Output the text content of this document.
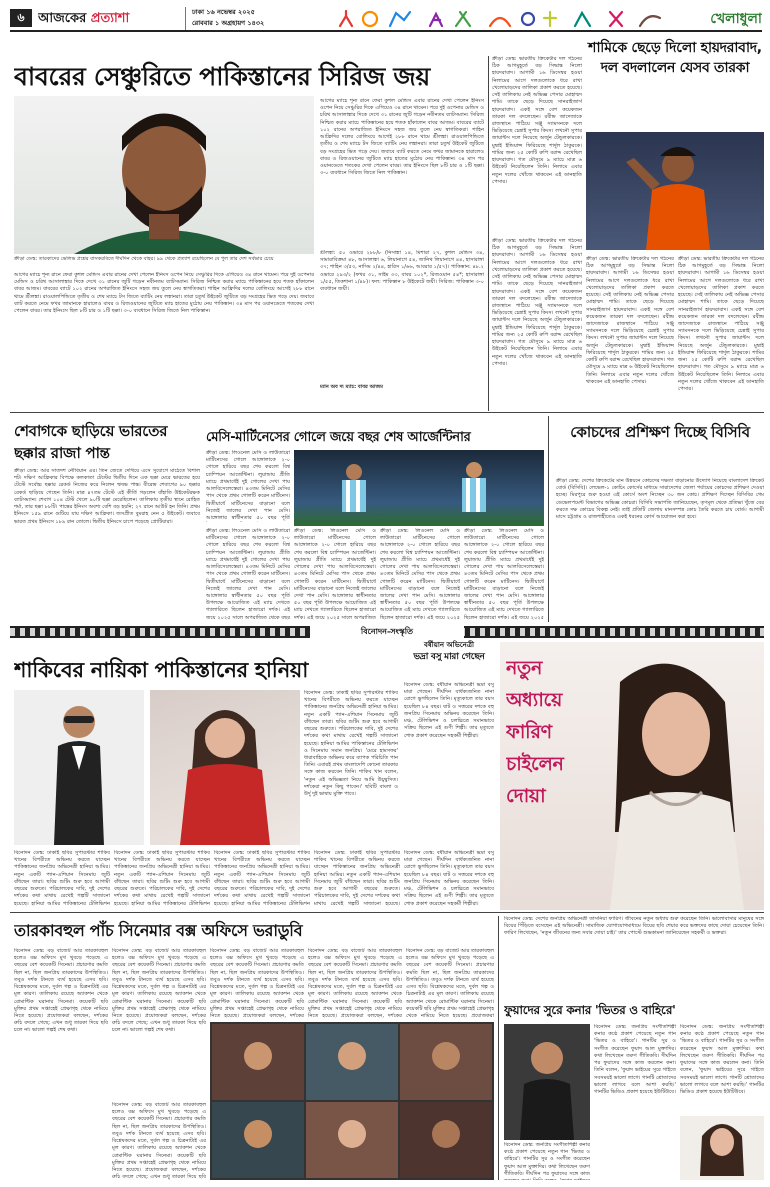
৬	আজকের প্রত্যাশা	ঢাকা ১৬ নভেম্বর ২০২৫
রোববার ১ অগ্রহায়ণ ১৪৩২	খেলাধুলা
বাবরের সেঞ্চুরিতে পাকিস্তানের সিরিজ জয়
ক্রীড়া ডেস্ক: তারকাদের ভেলিভ প্রশ্নের বাসকরবিতে দীর্ঘদিন থেকে বাহর। ৯৯ থেকে প্রত্যাশ রয়েছিলেন বে পুল তার দেশ সর্বভার চেয়ে
আগের ম্যাচে শূন্য রানে ফেরা কুশল মেন্ডিস এবার রানের দেখা পেলেন ইনিংস ওপেন নিয়ে সেঞ্চুরির দিকে এগিয়েও ৩৪ রানে থামেন। পরে দুই ওপেনার মেন্ডিস ও চরিথ আসালাঙ্কার দিকে দেখে ৩১ রানের জুটি গড়েন নবীনতম ব্যাটসম্যান। সিরিজ নিশ্চিত করার ম্যাচে পাকিস্তানের হয়ে শতক হাঁকালেন বাবর আজম। বাবরের ব্যাটে ১০২ রানের অপরাজিত ইনিংসে সহজ জয় তুলে নেয় স্বাগতিকরা। শাহিন আফ্রিদির দলের বোলিংয়ে আগেই ২৮৮ রানে থামে শ্রীলঙ্কা। রাওয়ালপিন্ডিতে তৃতীয় ও শেষ ম্যাচে টস জিতে ব্যাটিং নেয় লঙ্কানরা। তারা চতুর্থ উইকেট জুটিতে বড় সংগ্রহের ভিত গড়ে দেয়। জবাবে ব্যাট করতে নেমে ফখর জামানকে হারালেও বাবর ও রিজওয়ানের জুটিতে ম্যাচ হাতের মুঠোয় নেয় পাকিস্তান। ৩৪ মাস পর ওয়ানডেতে শতকের দেখা পেলেন বাবর। তার ইনিংসে ছিল ৮টি চার ও ১টি ছক্কা। ৩-০ ব্যবধানে সিরিজ জিতে নিল পাকিস্তান।
আগের ম্যাচে শূন্য রানে ফেরা কুশল মেন্ডিস এবার রানের দেখা পেলেন ইনিংস ওপেন নিয়ে সেঞ্চুরির দিকে এগিয়েও ৩৪ রানে থামেন। পরে দুই ওপেনার মেন্ডিস ও চরিথ আসালাঙ্কার দিকে দেখে ৩১ রানের জুটি গড়েন নবীনতম ব্যাটসম্যান। সিরিজ নিশ্চিত করার ম্যাচে পাকিস্তানের হয়ে শতক হাঁকালেন বাবর আজম। বাবরের ব্যাটে ১০২ রানের অপরাজিত ইনিংসে সহজ জয় তুলে নেয় স্বাগতিকরা। শাহিন আফ্রিদির দলের বোলিংয়ে আগেই ২৮৮ রানে থামে শ্রীলঙ্কা। রাওয়ালপিন্ডিতে তৃতীয় ও শেষ ম্যাচে টস জিতে ব্যাটিং নেয় লঙ্কানরা। তারা চতুর্থ উইকেট জুটিতে বড় সংগ্রহের ভিত গড়ে দেয়। জবাবে ব্যাট করতে নেমে ফখর জামানকে হারালেও বাবর ও রিজওয়ানের জুটিতে ম্যাচ হাতের মুঠোয় নেয় পাকিস্তান। ৩৪ মাস পর ওয়ানডেতে শতকের দেখা পেলেন বাবর। তার ইনিংসে ছিল ৮টি চার ও ১টি ছক্কা। ৩-০ ব্যবধানে সিরিজ জিতে নিল পাকিস্তান।
শ্রীলঙ্কা: ৫০ ওভারে ২৮৮/৮ (নিসাঙ্কা ১৪, মিশারা ২৭, কুশল মেন্ডিস ৩৪, সামারাবিক্রমা ৪৮, আসালাঙ্কা ৬, লিয়ানাগে ৫৪, জানিথ লিয়ানাগে ৪৪, হাসারাঙ্গা ৩৭; শাহিন ৩/৫৩, নাসিম ২/৪৪, হারিস ১/৬৬, আবরার ১/৫৭)। পাকিস্তান: ৪৮.২ ওভারে ২৯৩/২ (ফখর ৩১, সাইম ৩৩, বাবর ১০২*, রিজওয়ান ৫৪*; হাসারাঙ্গা ১/৫৫, তিকশানা ১/৪৮)। ফল: পাকিস্তান ৮ উইকেটে জয়ী। সিরিজ: পাকিস্তান ৩-০ ব্যবধানে জয়ী।
ম্যান অব দ্য ম্যাচ: বাবর আজম
ক্রীড়া ডেস্ক: ভারতীয় ক্রিকেটার দল গঠনের ঠিক আগমুহূর্তে বড় সিদ্ধান্ত নিলো হায়দরাবাদ। আগামী ১৬ ডিসেম্বর হওয়া নিলামের আগে দলগুলোকে ধরে রাখা খেলোয়াড়দের তালিকা প্রকাশ করতে হয়েছে। সেই তালিকায় নেই অভিজ্ঞ পেসার মোহাম্মদ শামি। তাকে ছেড়ে দিয়েছে সানরাইজার্স হায়দরাবাদ। একই সঙ্গে বেশ কয়েকজন তারকা দল বদলেছেন। রবীন্দ্র জাদেজাকে রাজস্থানে পাঠিয়ে সঞ্জু স্যামসনকে দলে ভিড়িয়েছে চেন্নাই সুপার কিংস। লখনৌ সুপার জায়ান্টস দলে নিয়েছে অর্জুন টেন্ডুলকারকে। মুম্বাই ইন্ডিয়ান্স ফিরিয়েছে শার্দুল ঠাকুরকে। শামির জন্য ২৫ কোটি রুপি বরাদ্দ রেখেছিল হায়দরাবাদ। গত মৌসুমে ৯ ম্যাচে মাত্র ৬ উইকেট নিয়েছিলেন তিনি। নিলামে এবার নতুন দলের খোঁজে থাকবেন এই ডানহাতি পেসার।
শামিকে ছেড়ে দিলো হায়দরাবাদ, দল বদলালেন যেসব তারকা
ক্রীড়া ডেস্ক: ভারতীয় ক্রিকেটার দল গঠনের ঠিক আগমুহূর্তে বড় সিদ্ধান্ত নিলো হায়দরাবাদ। আগামী ১৬ ডিসেম্বর হওয়া নিলামের আগে দলগুলোকে ধরে রাখা খেলোয়াড়দের তালিকা প্রকাশ করতে হয়েছে। সেই তালিকায় নেই অভিজ্ঞ পেসার মোহাম্মদ শামি। তাকে ছেড়ে দিয়েছে সানরাইজার্স হায়দরাবাদ। একই সঙ্গে বেশ কয়েকজন তারকা দল বদলেছেন। রবীন্দ্র জাদেজাকে রাজস্থানে পাঠিয়ে সঞ্জু স্যামসনকে দলে ভিড়িয়েছে চেন্নাই সুপার কিংস। লখনৌ সুপার জায়ান্টস দলে নিয়েছে অর্জুন টেন্ডুলকারকে। মুম্বাই ইন্ডিয়ান্স ফিরিয়েছে শার্দুল ঠাকুরকে। শামির জন্য ২৫ কোটি রুপি বরাদ্দ রেখেছিল হায়দরাবাদ। গত মৌসুমে ৯ ম্যাচে মাত্র ৬ উইকেট নিয়েছিলেন তিনি। নিলামে এবার নতুন দলের খোঁজে থাকবেন এই ডানহাতি পেসার।
ক্রীড়া ডেস্ক: ভারতীয় ক্রিকেটার দল গঠনের ঠিক আগমুহূর্তে বড় সিদ্ধান্ত নিলো হায়দরাবাদ। আগামী ১৬ ডিসেম্বর হওয়া নিলামের আগে দলগুলোকে ধরে রাখা খেলোয়াড়দের তালিকা প্রকাশ করতে হয়েছে। সেই তালিকায় নেই অভিজ্ঞ পেসার মোহাম্মদ শামি। তাকে ছেড়ে দিয়েছে সানরাইজার্স হায়দরাবাদ। একই সঙ্গে বেশ কয়েকজন তারকা দল বদলেছেন। রবীন্দ্র জাদেজাকে রাজস্থানে পাঠিয়ে সঞ্জু স্যামসনকে দলে ভিড়িয়েছে চেন্নাই সুপার কিংস। লখনৌ সুপার জায়ান্টস দলে নিয়েছে অর্জুন টেন্ডুলকারকে। মুম্বাই ইন্ডিয়ান্স ফিরিয়েছে শার্দুল ঠাকুরকে। শামির জন্য ২৫ কোটি রুপি বরাদ্দ রেখেছিল হায়দরাবাদ। গত মৌসুমে ৯ ম্যাচে মাত্র ৬ উইকেট নিয়েছিলেন তিনি। নিলামে এবার নতুন দলের খোঁজে থাকবেন এই ডানহাতি পেসার।
ক্রীড়া ডেস্ক: ভারতীয় ক্রিকেটার দল গঠনের ঠিক আগমুহূর্তে বড় সিদ্ধান্ত নিলো হায়দরাবাদ। আগামী ১৬ ডিসেম্বর হওয়া নিলামের আগে দলগুলোকে ধরে রাখা খেলোয়াড়দের তালিকা প্রকাশ করতে হয়েছে। সেই তালিকায় নেই অভিজ্ঞ পেসার মোহাম্মদ শামি। তাকে ছেড়ে দিয়েছে সানরাইজার্স হায়দরাবাদ। একই সঙ্গে বেশ কয়েকজন তারকা দল বদলেছেন। রবীন্দ্র জাদেজাকে রাজস্থানে পাঠিয়ে সঞ্জু স্যামসনকে দলে ভিড়িয়েছে চেন্নাই সুপার কিংস। লখনৌ সুপার জায়ান্টস দলে নিয়েছে অর্জুন টেন্ডুলকারকে। মুম্বাই ইন্ডিয়ান্স ফিরিয়েছে শার্দুল ঠাকুরকে। শামির জন্য ২৫ কোটি রুপি বরাদ্দ রেখেছিল হায়দরাবাদ। গত মৌসুমে ৯ ম্যাচে মাত্র ৬ উইকেট নিয়েছিলেন তিনি। নিলামে এবার নতুন দলের খোঁজে থাকবেন এই ডানহাতি পেসার।
শেবাগকে ছাড়িয়ে ভারতের
ছক্কার রাজা পান্ত
ক্রীড়া ডেস্ক: আর সাতদশ নৌবিয়ান এর। তিন জেতে দেখিয়ে এসে সুযোগে মাঠেতে বিশাল শট। দক্ষিণ আফ্রিকার বিপক্ষে কলকাতা টেস্টের দ্বিতীয় দিনে এক ছক্কা মেরে ভারতের হয়ে টেস্টে সর্বোচ্চ ছক্কার রেকর্ড নিজের করে নিলেন ঋষভ পান্ত। বীরেন্দ্র শেবাগের ৯০ ছক্কার রেকর্ড ছাড়িয়ে গেছেন তিনি। মাত্র ৪৭তম টেস্টে এই কীর্তি গড়লেন বাঁহাতি উইকেটরক্ষক ব্যাটসম্যান। শেবাগ ১০৪ টেস্ট খেলে ৯০টি ছক্কা মেরেছিলেন। তালিকায় তৃতীয় স্থানে রোহিত শর্মা, তার ছক্কা ৮৮টি। পান্তের ইনিংস অবশ্য বেশি বড় হয়নি; ২৭ রানে আউট হন তিনি। প্রথম ইনিংসে ১৫৯ রানে গুটিয়ে যায় দক্ষিণ আফ্রিকা। জসপ্রীত বুমরাহ নেন ৫ উইকেট। জবাবে ভারত প্রথম ইনিংসে ১৮৯ রান তোলে। দ্বিতীয় ইনিংসে চাপে পড়েছে প্রোটিয়ারা।
মেসি-মার্টিনেসের গোলে জয়ে বছর শেষ আর্জেন্টিনার
ক্রীড়া ডেস্ক: লিওনেল মেসি ও লাউতারো মার্টিনেসের গোলে আঙ্গোলাকে ২-০ গোলে হারিয়ে বছর শেষ করলো বিশ্ব চ্যাম্পিয়ন আর্জেন্টিনা। লুয়ান্ডায় প্রীতি ম্যাচে প্রথমার্ধেই দুই গোলের দেখা পায় আলবিসেলেস্তেরা। ৪৩তম মিনিটে মেসির পাস থেকে প্রথম গোলটি করেন মার্টিনেস। দ্বিতীয়ার্ধে মার্টিনেসের বাড়ানো বলে নিজেই জালের দেখা পান মেসি। আঙ্গোলার স্বাধীনতার ৫০ বছর পূর্তি
ক্রীড়া ডেস্ক: লিওনেল মেসি ও লাউতারো মার্টিনেসের গোলে আঙ্গোলাকে ২-০ গোলে হারিয়ে বছর শেষ করলো বিশ্ব চ্যাম্পিয়ন আর্জেন্টিনা। লুয়ান্ডায় প্রীতি ম্যাচে প্রথমার্ধেই দুই গোলের দেখা পায় আলবিসেলেস্তেরা। ৪৩তম মিনিটে মেসির পাস থেকে প্রথম গোলটি করেন মার্টিনেস। দ্বিতীয়ার্ধে মার্টিনেসের বাড়ানো বলে নিজেই জালের দেখা পান মেসি। আঙ্গোলার স্বাধীনতার ৫০ বছর পূর্তি উপলক্ষে আয়োজিত এই ম্যাচ দেখতে গ্যালারিতে ছিলেন হাজারো দর্শক। এই জয়ে ২০২৫ সালে অপরাজিত থেকে বছর
ক্রীড়া ডেস্ক: লিওনেল মেসি ও লাউতারো মার্টিনেসের গোলে আঙ্গোলাকে ২-০ গোলে হারিয়ে বছর শেষ করলো বিশ্ব চ্যাম্পিয়ন আর্জেন্টিনা। লুয়ান্ডায় প্রীতি ম্যাচে প্রথমার্ধেই দুই গোলের দেখা পায় আলবিসেলেস্তেরা। ৪৩তম মিনিটে মেসির পাস থেকে প্রথম গোলটি করেন মার্টিনেস। দ্বিতীয়ার্ধে মার্টিনেসের বাড়ানো বলে নিজেই জালের দেখা পান মেসি। আঙ্গোলার স্বাধীনতার ৫০ বছর পূর্তি উপলক্ষে আয়োজিত এই ম্যাচ দেখতে গ্যালারিতে ছিলেন হাজারো দর্শক। এই জয়ে ২০২৫ সালে অপরাজিত
ক্রীড়া ডেস্ক: লিওনেল মেসি ও লাউতারো মার্টিনেসের গোলে আঙ্গোলাকে ২-০ গোলে হারিয়ে বছর শেষ করলো বিশ্ব চ্যাম্পিয়ন আর্জেন্টিনা। লুয়ান্ডায় প্রীতি ম্যাচে প্রথমার্ধেই দুই গোলের দেখা পায় আলবিসেলেস্তেরা। ৪৩তম মিনিটে মেসির পাস থেকে প্রথম গোলটি করেন মার্টিনেস। দ্বিতীয়ার্ধে মার্টিনেসের বাড়ানো বলে নিজেই জালের দেখা পান মেসি। আঙ্গোলার স্বাধীনতার ৫০ বছর পূর্তি উপলক্ষে আয়োজিত এই ম্যাচ দেখতে গ্যালারিতে ছিলেন হাজারো দর্শক। এই জয়ে ২০২৫
ক্রীড়া ডেস্ক: লিওনেল মেসি ও লাউতারো মার্টিনেসের গোলে আঙ্গোলাকে ২-০ গোলে হারিয়ে বছর শেষ করলো বিশ্ব চ্যাম্পিয়ন আর্জেন্টিনা। লুয়ান্ডায় প্রীতি ম্যাচে প্রথমার্ধেই দুই গোলের দেখা পায় আলবিসেলেস্তেরা। ৪৩তম মিনিটে মেসির পাস থেকে প্রথম গোলটি করেন মার্টিনেস। দ্বিতীয়ার্ধে মার্টিনেসের বাড়ানো বলে নিজেই জালের দেখা পান মেসি। আঙ্গোলার স্বাধীনতার ৫০ বছর পূর্তি উপলক্ষে আয়োজিত এই ম্যাচ দেখতে গ্যালারিতে ছিলেন হাজারো দর্শক। এই জয়ে ২০২৫
কোচদের প্রশিক্ষণ দিচ্ছে বিসিবি
ক্রীড়া ডেস্ক: দেশের ক্রিকেটের মান উন্নয়নে কোচদের দক্ষতা বাড়ানোর উদ্যোগ নিয়েছে বাংলাদেশ ক্রিকেট বোর্ড (বিসিবি)। লেভেল-১ কোচিং কোর্সের মাধ্যমে সারাদেশের জেলা পর্যায়ের কোচদের প্রশিক্ষণ দেওয়া হচ্ছে। মিরপুরে শুরু হওয়া এই কোর্সে অংশ নিচ্ছেন ৩০ জন কোচ। প্রশিক্ষণ দিচ্ছেন বিসিবির গেম ডেভেলপমেন্ট বিভাগের অভিজ্ঞ কোচরা। বিসিবি সভাপতি জানিয়েছেন, তৃণমূল থেকে প্রতিভা খুঁজে বের করতে দক্ষ কোচের বিকল্প নেই। তাই প্রতিটি জেলায় মানসম্পন্ন কোচ তৈরি করতে চায় বোর্ড। আগামী মাসে চট্টগ্রাম ও রাজশাহীতেও একই ধরনের কোর্স আয়োজন করা হবে।
বিনোদন-সংস্কৃতি
শাকিবের নায়িকা পাকিস্তানের হানিয়া
বিনোদন ডেস্ক: ঢাকাই ছবির সুপারস্টার শাকিব খানের বিপরীতে অভিনয় করতে যাচ্ছেন পাকিস্তানের জনপ্রিয় অভিনেত্রী হানিয়া আমির। নতুন একটি প্যান-এশিয়ান সিনেমায় জুটি বাঁধছেন তারা। ছবির শুটিং শুরু হবে আগামী বছরের শুরুতে। পরিচালকের দাবি, দুই দেশের দর্শকের কথা মাথায় রেখেই গল্পটি সাজানো হয়েছে। হানিয়া আমির পাকিস্তানের টেলিভিশন ও সিনেমায় সমান জনপ্রিয়। 'মেরে হামসফর' ধারাবাহিকে অভিনয় করে ব্যাপক পরিচিতি পান তিনি। এবারই প্রথম বাংলাদেশি কোনো তারকার সঙ্গে কাজ করবেন তিনি। শাকিব খান বলেন, 'নতুন এই অভিজ্ঞতা নিয়ে আমি উচ্ছ্বসিত। দর্শকেরা নতুন কিছু পাবেন।' ছবিটি বাংলা ও উর্দু দুই ভাষায় মুক্তি পাবে।
বর্ষীয়ান অভিনেত্রী
ভদ্রা বসু মারা গেছেন
বিনোদন ডেস্ক: বর্ষীয়ান অভিনেত্রী ভদ্রা বসু মারা গেছেন। দীর্ঘদিন বার্ধক্যজনিত নানা রোগে ভুগছিলেন তিনি। মৃত্যুকালে তার বয়স হয়েছিল ৮৪ বছর। ষাট ও সত্তরের দশকে বহু জনপ্রিয় সিনেমায় অভিনয় করেছেন তিনি। মঞ্চ, টেলিভিশন ও চলচ্চিত্রে সমানভাবে সক্রিয় ছিলেন এই গুণী শিল্পী। তার মৃত্যুতে শোক প্রকাশ করেছেন সহকর্মী শিল্পীরা।
বিনোদন ডেস্ক: ঢাকাই ছবির সুপারস্টার শাকিব খানের বিপরীতে অভিনয় করতে যাচ্ছেন পাকিস্তানের জনপ্রিয় অভিনেত্রী হানিয়া আমির। নতুন একটি প্যান-এশিয়ান সিনেমায় জুটি বাঁধছেন তারা। ছবির শুটিং শুরু হবে আগামী বছরের শুরুতে। পরিচালকের দাবি, দুই দেশের দর্শকের কথা মাথায় রেখেই গল্পটি সাজানো হয়েছে। হানিয়া আমির পাকিস্তানের টেলিভিশন
বিনোদন ডেস্ক: ঢাকাই ছবির সুপারস্টার শাকিব খানের বিপরীতে অভিনয় করতে যাচ্ছেন পাকিস্তানের জনপ্রিয় অভিনেত্রী হানিয়া আমির। নতুন একটি প্যান-এশিয়ান সিনেমায় জুটি বাঁধছেন তারা। ছবির শুটিং শুরু হবে আগামী বছরের শুরুতে। পরিচালকের দাবি, দুই দেশের দর্শকের কথা মাথায় রেখেই গল্পটি সাজানো হয়েছে। হানিয়া আমির পাকিস্তানের টেলিভিশন
বিনোদন ডেস্ক: ঢাকাই ছবির সুপারস্টার শাকিব খানের বিপরীতে অভিনয় করতে যাচ্ছেন পাকিস্তানের জনপ্রিয় অভিনেত্রী হানিয়া আমির। নতুন একটি প্যান-এশিয়ান সিনেমায় জুটি বাঁধছেন তারা। ছবির শুটিং শুরু হবে আগামী বছরের শুরুতে। পরিচালকের দাবি, দুই দেশের দর্শকের কথা মাথায় রেখেই গল্পটি সাজানো হয়েছে। হানিয়া আমির পাকিস্তানের টেলিভিশন
বিনোদন ডেস্ক: ঢাকাই ছবির সুপারস্টার শাকিব খানের বিপরীতে অভিনয় করতে যাচ্ছেন পাকিস্তানের জনপ্রিয় অভিনেত্রী হানিয়া আমির। নতুন একটি প্যান-এশিয়ান সিনেমায় জুটি বাঁধছেন তারা। ছবির শুটিং শুরু হবে আগামী বছরের শুরুতে। পরিচালকের দাবি, দুই দেশের দর্শকের কথা মাথায় রেখেই গল্পটি সাজানো হয়েছে।
বিনোদন ডেস্ক: বর্ষীয়ান অভিনেত্রী ভদ্রা বসু মারা গেছেন। দীর্ঘদিন বার্ধক্যজনিত নানা রোগে ভুগছিলেন তিনি। মৃত্যুকালে তার বয়স হয়েছিল ৮৪ বছর। ষাট ও সত্তরের দশকে বহু জনপ্রিয় সিনেমায় অভিনয় করেছেন তিনি। মঞ্চ, টেলিভিশন ও চলচ্চিত্রে সমানভাবে সক্রিয় ছিলেন এই গুণী শিল্পী। তার মৃত্যুতে শোক প্রকাশ করেছেন সহকর্মী শিল্পীরা।
নতুন অধ্যায়ে ফারিণ চাইলেন দোয়া
তারকাবহুল পাঁচ সিনেমার বক্স অফিসে ভরাডুবি
বিনোদন ডেস্ক: বড় বাজেট আর তারকাবহুল হলেও বক্স অফিসে মুখ থুবড়ে পড়েছে এ বছরের বেশ কয়েকটি সিনেমা। প্রচারণার কমতি ছিল না, ছিল জনপ্রিয় তারকাদের উপস্থিতিও। তবুও দর্শক টানতে ব্যর্থ হয়েছে এসব ছবি। বিশ্লেষকদের মতে, দুর্বল গল্প ও চিত্রনাট্যই এর মূল কারণ। তালিকায় রয়েছে অ্যাকশন থেকে রোমান্টিক ঘরানার সিনেমা। কয়েকটি ছবি মুক্তির প্রথম সপ্তাহেই প্রেক্ষাগৃহ থেকে নামিয়ে নিতে হয়েছে। প্রযোজকরা বলছেন, দর্শকের রুচি বদলে গেছে; এখন শুধু তারকা দিয়ে ছবি চলে না। ভালো গল্পই শেষ কথা।
বিনোদন ডেস্ক: বড় বাজেট আর তারকাবহুল হলেও বক্স অফিসে মুখ থুবড়ে পড়েছে এ বছরের বেশ কয়েকটি সিনেমা। প্রচারণার কমতি ছিল না, ছিল জনপ্রিয় তারকাদের উপস্থিতিও। তবুও দর্শক টানতে ব্যর্থ হয়েছে এসব ছবি। বিশ্লেষকদের মতে, দুর্বল গল্প ও চিত্রনাট্যই এর মূল কারণ। তালিকায় রয়েছে অ্যাকশন থেকে রোমান্টিক ঘরানার সিনেমা। কয়েকটি ছবি মুক্তির প্রথম সপ্তাহেই প্রেক্ষাগৃহ থেকে নামিয়ে নিতে হয়েছে। প্রযোজকরা বলছেন, দর্শকের রুচি বদলে গেছে; এখন শুধু তারকা দিয়ে ছবি চলে না। ভালো গল্পই শেষ কথা।
বিনোদন ডেস্ক: বড় বাজেট আর তারকাবহুল হলেও বক্স অফিসে মুখ থুবড়ে পড়েছে এ বছরের বেশ কয়েকটি সিনেমা। প্রচারণার কমতি ছিল না, ছিল জনপ্রিয় তারকাদের উপস্থিতিও। তবুও দর্শক টানতে ব্যর্থ হয়েছে এসব ছবি। বিশ্লেষকদের মতে, দুর্বল গল্প ও চিত্রনাট্যই এর মূল কারণ। তালিকায় রয়েছে অ্যাকশন থেকে রোমান্টিক ঘরানার সিনেমা। কয়েকটি ছবি মুক্তির প্রথম সপ্তাহেই প্রেক্ষাগৃহ থেকে নামিয়ে নিতে হয়েছে। প্রযোজকরা বলছেন, দর্শকের
বিনোদন ডেস্ক: বড় বাজেট আর তারকাবহুল হলেও বক্স অফিসে মুখ থুবড়ে পড়েছে এ বছরের বেশ কয়েকটি সিনেমা। প্রচারণার কমতি ছিল না, ছিল জনপ্রিয় তারকাদের উপস্থিতিও। তবুও দর্শক টানতে ব্যর্থ হয়েছে এসব ছবি। বিশ্লেষকদের মতে, দুর্বল গল্প ও চিত্রনাট্যই এর মূল কারণ। তালিকায় রয়েছে অ্যাকশন থেকে রোমান্টিক ঘরানার সিনেমা। কয়েকটি ছবি মুক্তির প্রথম সপ্তাহেই প্রেক্ষাগৃহ থেকে নামিয়ে নিতে হয়েছে। প্রযোজকরা বলছেন, দর্শকের
বিনোদন ডেস্ক: বড় বাজেট আর তারকাবহুল হলেও বক্স অফিসে মুখ থুবড়ে পড়েছে এ বছরের বেশ কয়েকটি সিনেমা। প্রচারণার কমতি ছিল না, ছিল জনপ্রিয় তারকাদের উপস্থিতিও। তবুও দর্শক টানতে ব্যর্থ হয়েছে এসব ছবি। বিশ্লেষকদের মতে, দুর্বল গল্প ও চিত্রনাট্যই এর মূল কারণ। তালিকায় রয়েছে অ্যাকশন থেকে রোমান্টিক ঘরানার সিনেমা। কয়েকটি ছবি মুক্তির প্রথম সপ্তাহেই প্রেক্ষাগৃহ থেকে নামিয়ে নিতে হয়েছে। প্রযোজকরা
বিনোদন ডেস্ক: বড় বাজেট আর তারকাবহুল হলেও বক্স অফিসে মুখ থুবড়ে পড়েছে এ বছরের বেশ কয়েকটি সিনেমা। প্রচারণার কমতি ছিল না, ছিল জনপ্রিয় তারকাদের উপস্থিতিও। তবুও দর্শক টানতে ব্যর্থ হয়েছে এসব ছবি। বিশ্লেষকদের মতে, দুর্বল গল্প ও চিত্রনাট্যই এর মূল কারণ। তালিকায় রয়েছে অ্যাকশন থেকে রোমান্টিক ঘরানার সিনেমা। কয়েকটি ছবি মুক্তির প্রথম সপ্তাহেই প্রেক্ষাগৃহ থেকে নামিয়ে নিতে হয়েছে। প্রযোজকরা বলছেন, দর্শকের রুচি বদলে গেছে; এখন শুধু তারকা দিয়ে ছবি
বিনোদন ডেস্ক: দেশের জনপ্রিয় অভিনেত্রী তাসনিয়া ফারিণ। জীবনের নতুন অধ্যায় শুরু করেছেন তিনি। ভালোবাসার মানুষের সঙ্গে বিয়ের পিঁড়িতে বসেছেন এই অভিনেত্রী। সামাজিক যোগাযোগমাধ্যমে বিয়ের ছবি শেয়ার করে ভক্তদের কাছে দোয়া চেয়েছেন তিনি। ফারিণ লিখেছেন, 'নতুন জীবনের জন্য সবার দোয়া চাই।' তার পোস্টে শুভকামনা জানিয়েছেন সহকর্মী ও ভক্তরা।
ফুয়াদের সুরে কনার 'ভিতর ও বাহিরে'
বিনোদন ডেস্ক: জনপ্রিয় সংগীতশিল্পী কনার কণ্ঠে প্রকাশ পেয়েছে নতুন গান 'ভিতর ও বাহিরে'। গানটির সুর ও সংগীত করেছেন ফুয়াদ আল মুক্তাদির। কথা লিখেছেন তরুণ গীতিকবি। দীর্ঘদিন পর ফুয়াদের সঙ্গে কাজ করলেন কনা। তিনি বলেন, 'ফুয়াদ ভাইয়ের সুরে গাইতে সবসময়ই ভালো লাগে। গানটি শ্রোতাদের ভালো লাগবে বলে আশা করছি।' গানটির ভিডিও প্রকাশ হয়েছে ইউটিউবে।
বিনোদন ডেস্ক: জনপ্রিয় সংগীতশিল্পী কনার কণ্ঠে প্রকাশ পেয়েছে নতুন গান 'ভিতর ও বাহিরে'। গানটির সুর ও সংগীত করেছেন ফুয়াদ আল মুক্তাদির। কথা লিখেছেন তরুণ গীতিকবি। দীর্ঘদিন পর ফুয়াদের সঙ্গে কাজ করলেন কনা। তিনি বলেন, 'ফুয়াদ ভাইয়ের সুরে গাইতে সবসময়ই ভালো লাগে। গানটি শ্রোতাদের ভালো লাগবে বলে আশা করছি।' গানটির ভিডিও প্রকাশ হয়েছে ইউটিউবে।
বিনোদন ডেস্ক: জনপ্রিয় সংগীতশিল্পী কনার কণ্ঠে প্রকাশ পেয়েছে নতুন গান 'ভিতর ও বাহিরে'। গানটির সুর ও সংগীত করেছেন ফুয়াদ আল মুক্তাদির। কথা লিখেছেন তরুণ গীতিকবি। দীর্ঘদিন পর ফুয়াদের সঙ্গে কাজ
